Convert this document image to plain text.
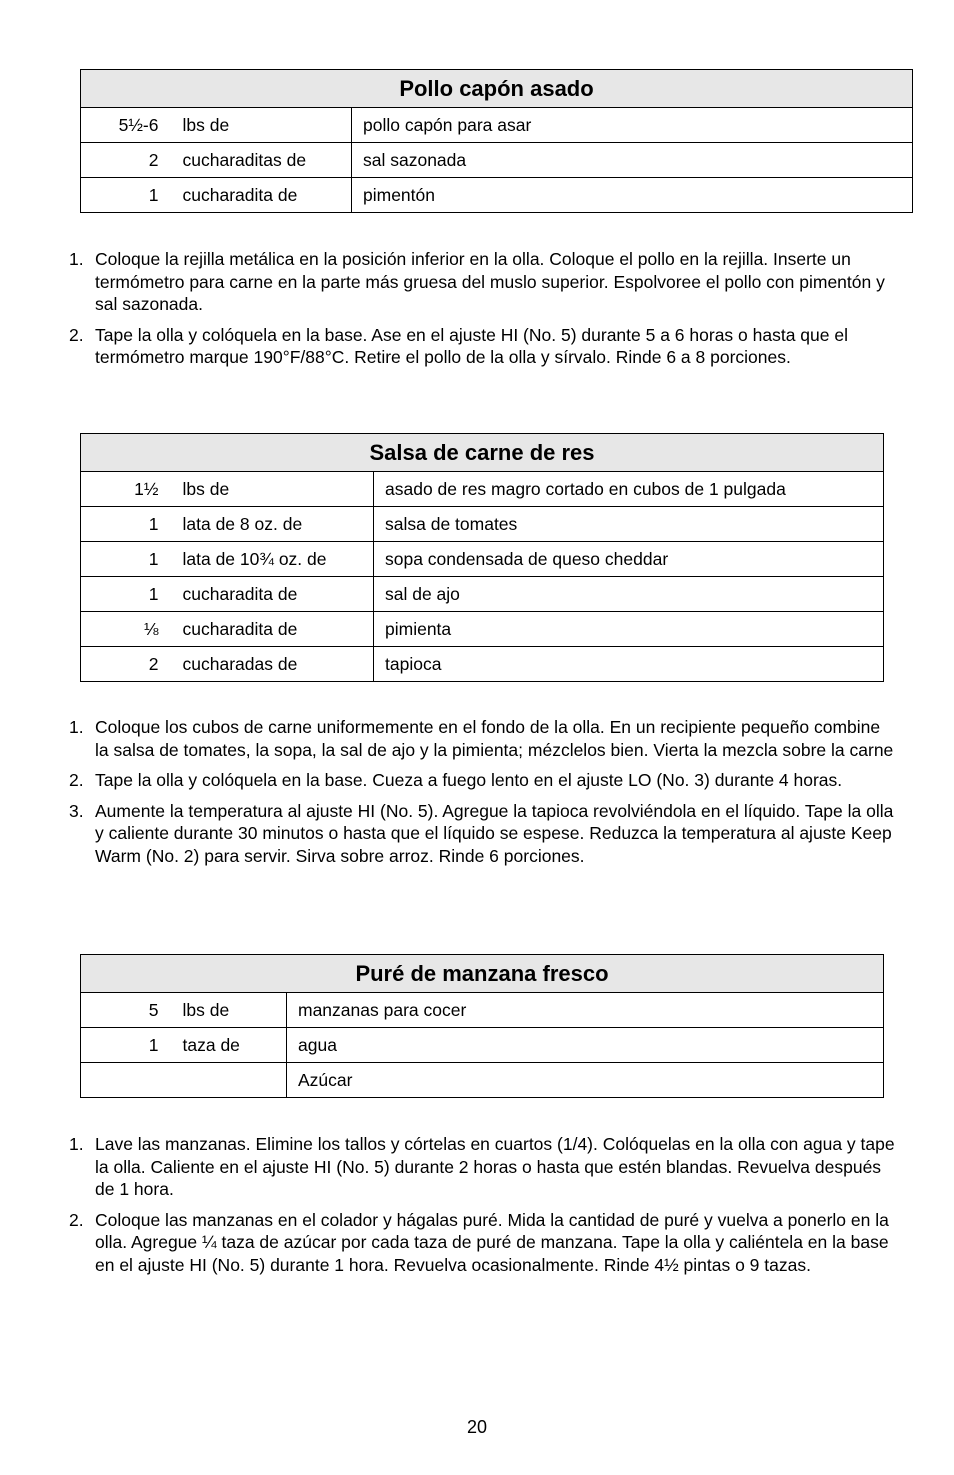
Pollo capón asado		
5½-6	lbs de	pollo capón para asar
2	cucharaditas de	sal sazonada
1	cucharadita de	pimentón
1. Coloque la rejilla metálica en la posición inferior en la olla. Coloque el pollo en la rejilla. Inserte un termómetro para carne en la parte más gruesa del muslo superior. Espolvoree el pollo con pimentón y sal sazonada.
2. Tape la olla y colóquela en la base. Ase en el ajuste HI (No. 5) durante 5 a 6 horas o hasta que el termómetro marque 190°F/88°C. Retire el pollo de la olla y sírvalo. Rinde 6 a 8 porciones.
Salsa de carne de res		
1½	lbs de	asado de res magro cortado en cubos de 1 pulgada
1	lata de 8 oz. de	salsa de tomates
1	lata de 10¾ oz. de	sopa condensada de queso cheddar
1	cucharadita de	sal de ajo
⅛	cucharadita de	pimienta
2	cucharadas de	tapioca
1. Coloque los cubos de carne uniformemente en el fondo de la olla. En un recipiente pequeño combine la salsa de tomates, la sopa, la sal de ajo y la pimienta; mézclelos bien. Vierta la mezcla sobre la carne
2. Tape la olla y colóquela en la base. Cueza a fuego lento en el ajuste LO (No. 3) durante 4 horas.
3. Aumente la temperatura al ajuste HI (No. 5). Agregue la tapioca revolviéndola en el líquido. Tape la olla y caliente durante 30 minutos o hasta que el líquido se espese. Reduzca la temperatura al ajuste Keep Warm (No. 2) para servir. Sirva sobre arroz. Rinde 6 porciones.
Puré de manzana fresco		
5	lbs de	manzanas para cocer
1	taza de	agua
		Azúcar
1. Lave las manzanas. Elimine los tallos y córtelas en cuartos (1/4). Colóquelas en la olla con agua y tape la olla. Caliente en el ajuste HI (No. 5) durante 2 horas o hasta que estén blandas. Revuelva después de 1 hora.
2. Coloque las manzanas en el colador y hágalas puré. Mida la cantidad de puré y vuelva a ponerlo en la olla. Agregue ¼ taza de azúcar por cada taza de puré de manzana. Tape la olla y caliéntela en la base en el ajuste HI (No. 5) durante 1 hora. Revuelva ocasionalmente. Rinde 4½ pintas o 9 tazas.
20
